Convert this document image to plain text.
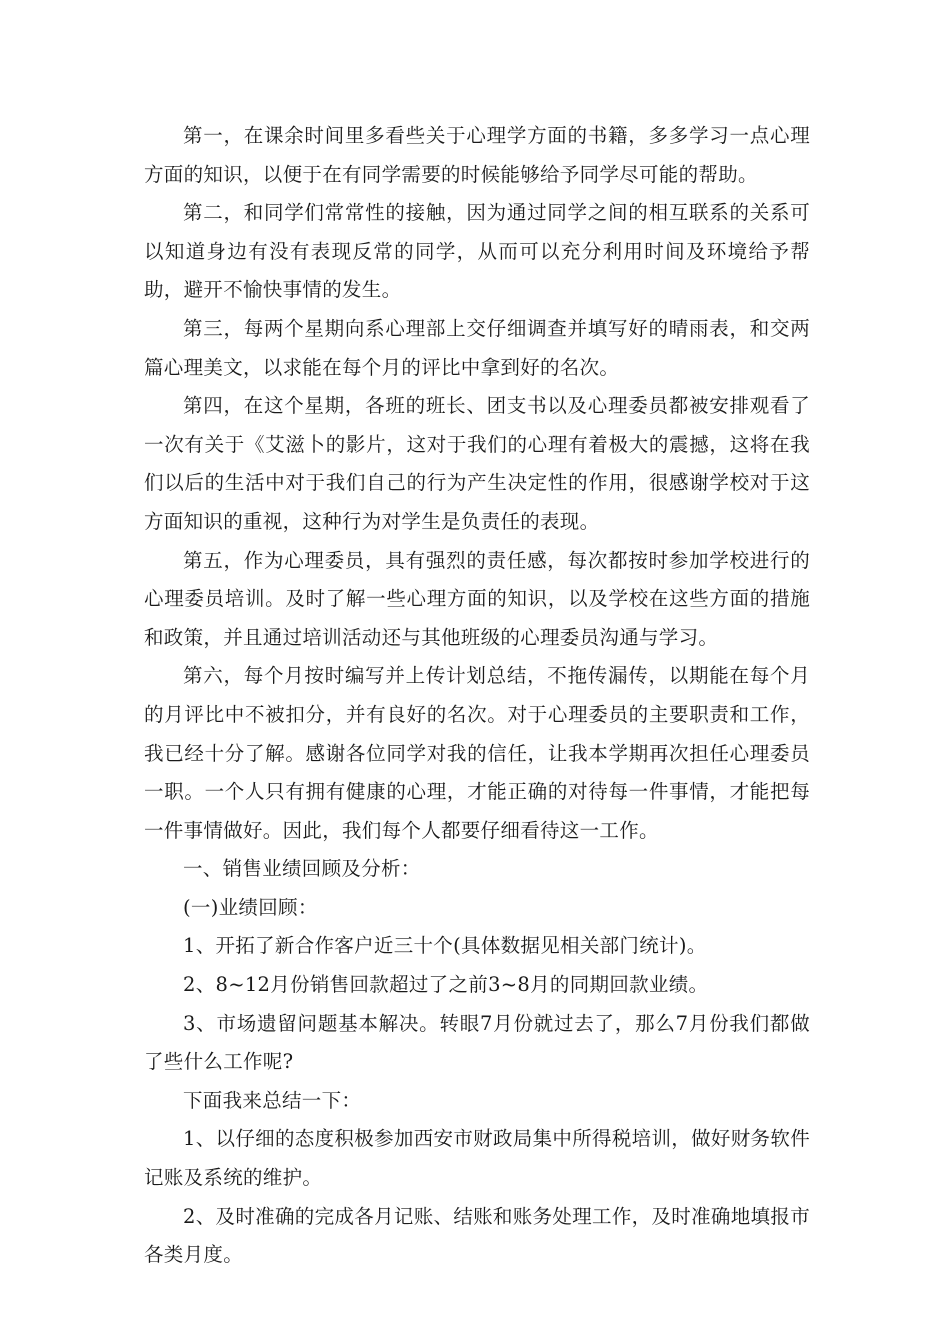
第一，在课余时间里多看些关于心理学方面的书籍，多多学习一点心理方面的知识，以便于在有同学需要的时候能够给予同学尽可能的帮助。

第二，和同学们常常性的接触，因为通过同学之间的相互联系的关系可以知道身边有没有表现反常的同学，从而可以充分利用时间及环境给予帮助，避开不愉快事情的发生。

第三，每两个星期向系心理部上交仔细调查并填写好的晴雨表，和交两篇心理美文，以求能在每个月的评比中拿到好的名次。

第四，在这个星期，各班的班长、团支书以及心理委员都被安排观看了一次有关于《艾滋卜的影片，这对于我们的心理有着极大的震撼，这将在我们以后的生活中对于我们自己的行为产生决定性的作用，很感谢学校对于这方面知识的重视，这种行为对学生是负责任的表现。

第五，作为心理委员，具有强烈的责任感，每次都按时参加学校进行的心理委员培训。及时了解一些心理方面的知识，以及学校在这些方面的措施和政策，并且通过培训活动还与其他班级的心理委员沟通与学习。

第六，每个月按时编写并上传计划总结，不拖传漏传，以期能在每个月的月评比中不被扣分，并有良好的名次。对于心理委员的主要职责和工作，我已经十分了解。感谢各位同学对我的信任，让我本学期再次担任心理委员一职。一个人只有拥有健康的心理，才能正确的对待每一件事情，才能把每一件事情做好。因此，我们每个人都要仔细看待这一工作。

一、销售业绩回顾及分析：

(一)业绩回顾：

1、开拓了新合作客户近三十个(具体数据见相关部门统计)。

2、8~12月份销售回款超过了之前3~8月的同期回款业绩。

3、市场遗留问题基本解决。转眼7月份就过去了，那么7月份我们都做了些什么工作呢?

下面我来总结一下：

1、以仔细的态度积极参加西安市财政局集中所得税培训，做好财务软件记账及系统的维护。

2、及时准确的完成各月记账、结账和账务处理工作，及时准确地填报市各类月度。
